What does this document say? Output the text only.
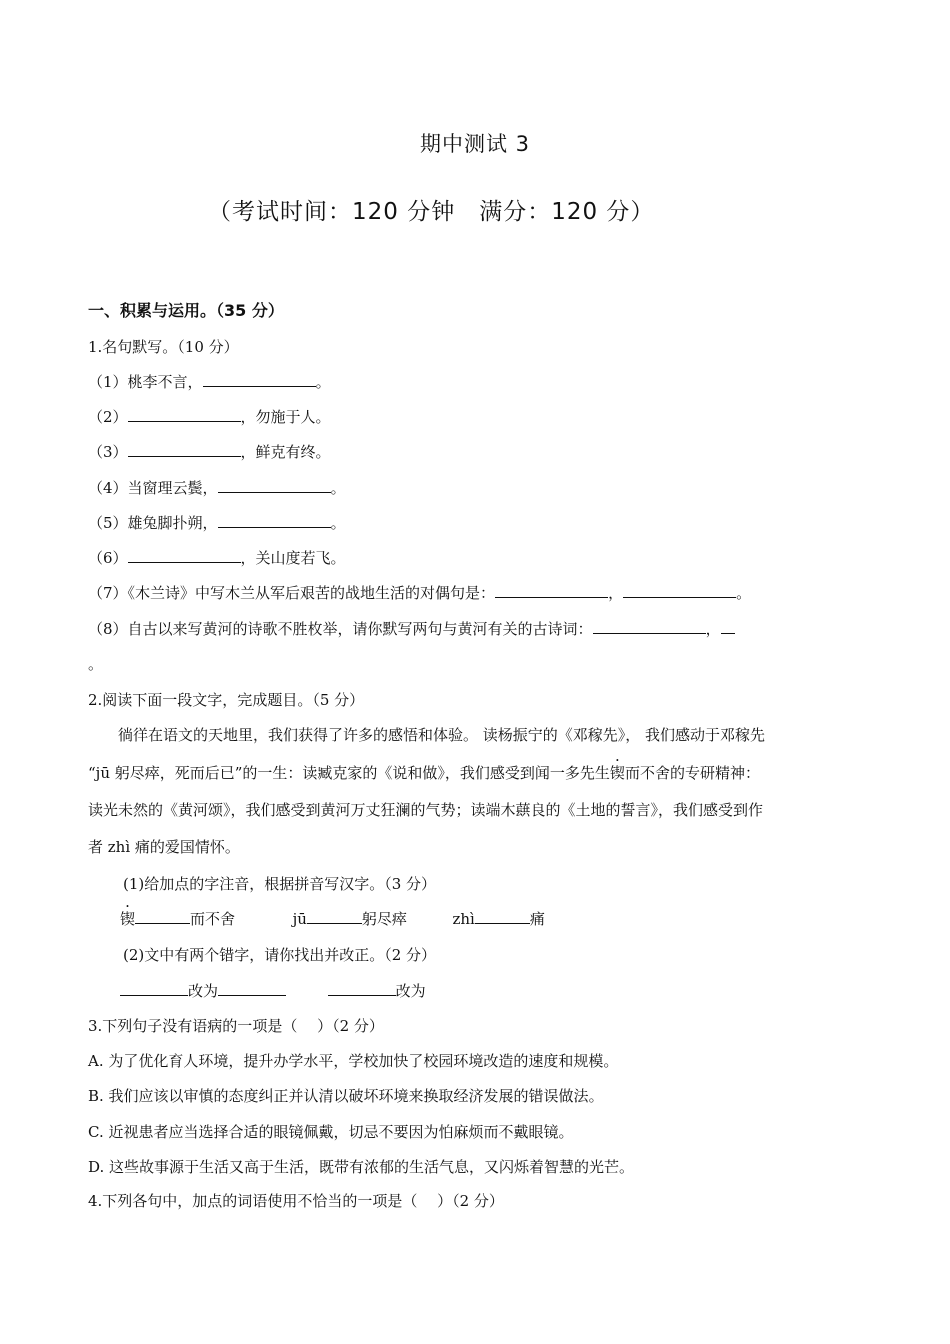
期中测试 3
（考试时间：120 分钟　满分：120 分）
一、积累与运用。（35 分）
1.名句默写。（10 分）
（1）桃李不言，	。
（2）	，勿施于人。
（3）	，鲜克有终。
（4）当窗理云鬓，	。
（5）雄兔脚扑朔，	。
（6）	，关山度若飞。
（7）《木兰诗》中写木兰从军后艰苦的战地生活的对偶句是：	，	。
（8）自古以来写黄河的诗歌不胜枚举，请你默写两句与黄河有关的古诗词：	，
。
2.阅读下面一段文字，完成题目。（5 分）
徜徉在语文的天地里，我们获得了许多的感悟和体验。 读杨振宁的《邓稼先》， 我们感动于邓稼先
“jū 躬尽瘁，死而后已”的一生：读臧克家的《说和做》，我们感受到闻一多先生锲而不舍的专研精神：
读光未然的《黄河颂》，我们感受到黄河万丈狂澜的气势；读端木蕻良的《土地的誓言》，我们感受到作
者 zhì 痛的爱国情怀。
(1)给加点的字注音，根据拼音写汉字。（3 分）
锲	而不舍	jū	躬尽瘁	zhì	痛
(2)文中有两个错字，请你找出并改正。（2 分）
改为	改为
3.下列句子没有语病的一项是（　 ）（2 分）
A. 为了优化育人环境，提升办学水平，学校加快了校园环境改造的速度和规模。
B. 我们应该以审慎的态度纠正并认清以破坏环境来换取经济发展的错误做法。
C. 近视患者应当选择合适的眼镜佩戴，切忌不要因为怕麻烦而不戴眼镜。
D. 这些故事源于生活又高于生活，既带有浓郁的生活气息，又闪烁着智慧的光芒。
4.下列各句中，加点的词语使用不恰当的一项是（　 ）（2 分）
